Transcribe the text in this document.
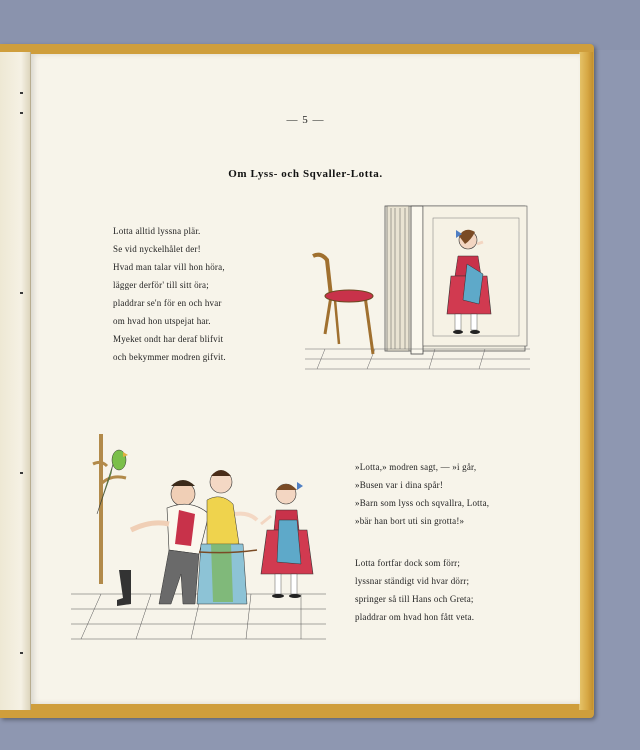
— 5 —
Om Lyss- och Sqvaller-Lotta.
Lotta alltid lyssna plär.
Se vid nyckelhålet der!
Hvad man talar vill hon höra,
lägger derför' till sitt öra;
pladdrar se'n för en och hvar
om hvad hon utspejat har.
Myeket ondt har deraf blifvit
och bekymmer modren gifvit.
»Lotta,» modren sagt, — »i går,
»Busen var i dina spår!
»Barn som lyss och sqvallra, Lotta,
»bär han bort uti sin grotta!»
Lotta fortfar dock som förr;
lyssnar ständigt vid hvar dörr;
springer så till Hans och Greta;
pladdrar om hvad hon fått veta.
